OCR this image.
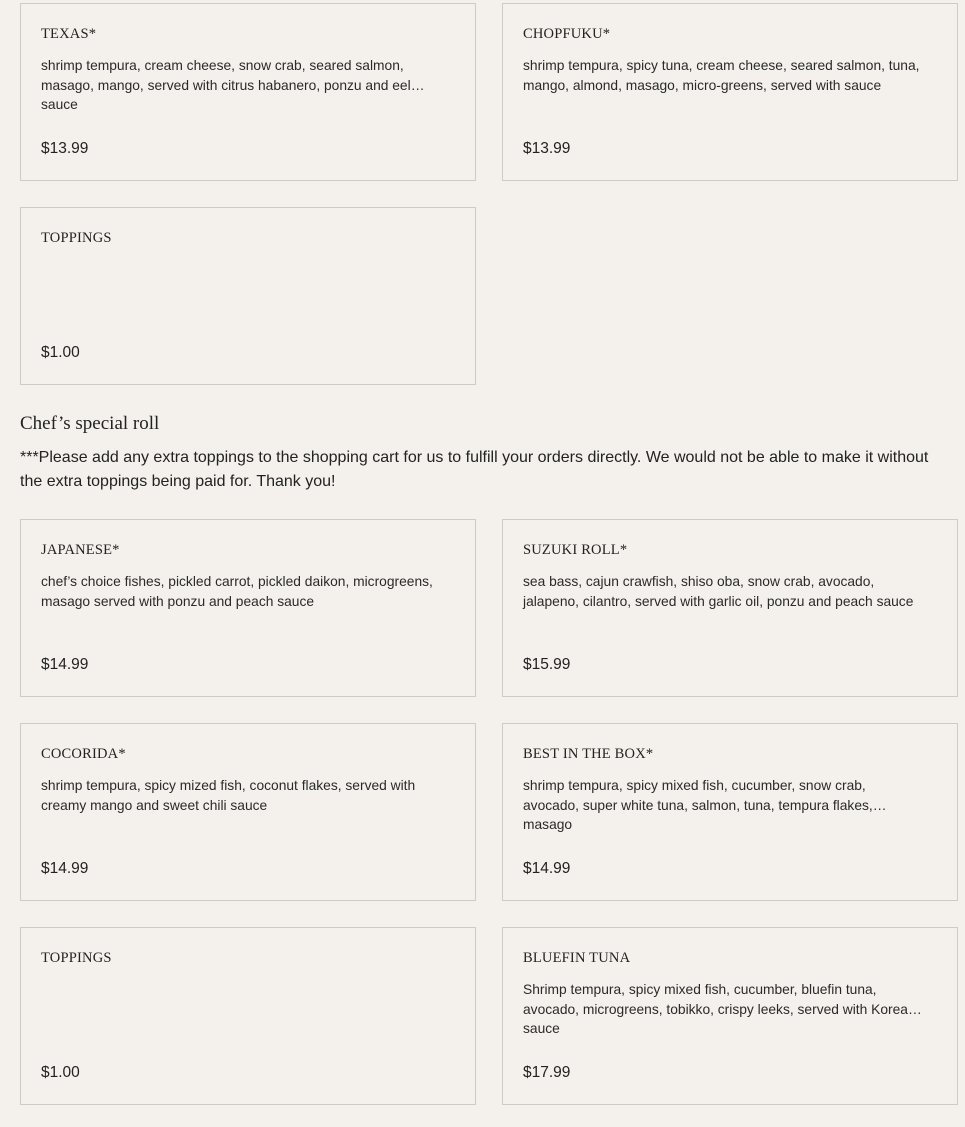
TEXAS*
shrimp tempura, cream cheese, snow crab, seared salmon, masago, mango, served with citrus habanero, ponzu and eel sauce
$13.99
CHOPFUKU*
shrimp tempura, spicy tuna, cream cheese, seared salmon, tuna, mango, almond, masago, micro-greens, served with sauce
$13.99
TOPPINGS
$1.00
Chef’s special roll

***Please add any extra toppings to the shopping cart for us to fulfill your orders directly. We would not be able to make it without the extra toppings being paid for. Thank you!

JAPANESE*
chef’s choice fishes, pickled carrot, pickled daikon, microgreens, masago served with ponzu and peach sauce
$14.99
SUZUKI ROLL*
sea bass, cajun crawfish, shiso oba, snow crab, avocado, jalapeno, cilantro, served with garlic oil, ponzu and peach sauce
$15.99
COCORIDA*
shrimp tempura, spicy mized fish, coconut flakes, served with creamy mango and sweet chili sauce
$14.99
BEST IN THE BOX*
shrimp tempura, spicy mixed fish, cucumber, snow crab, avocado, super white tuna, salmon, tuna, tempura flakes, masago
$14.99
TOPPINGS
$1.00
BLUEFIN TUNA
Shrimp tempura, spicy mixed fish, cucumber, bluefin tuna, avocado, microgreens, tobikko, crispy leeks, served with Korean sauce
$17.99
